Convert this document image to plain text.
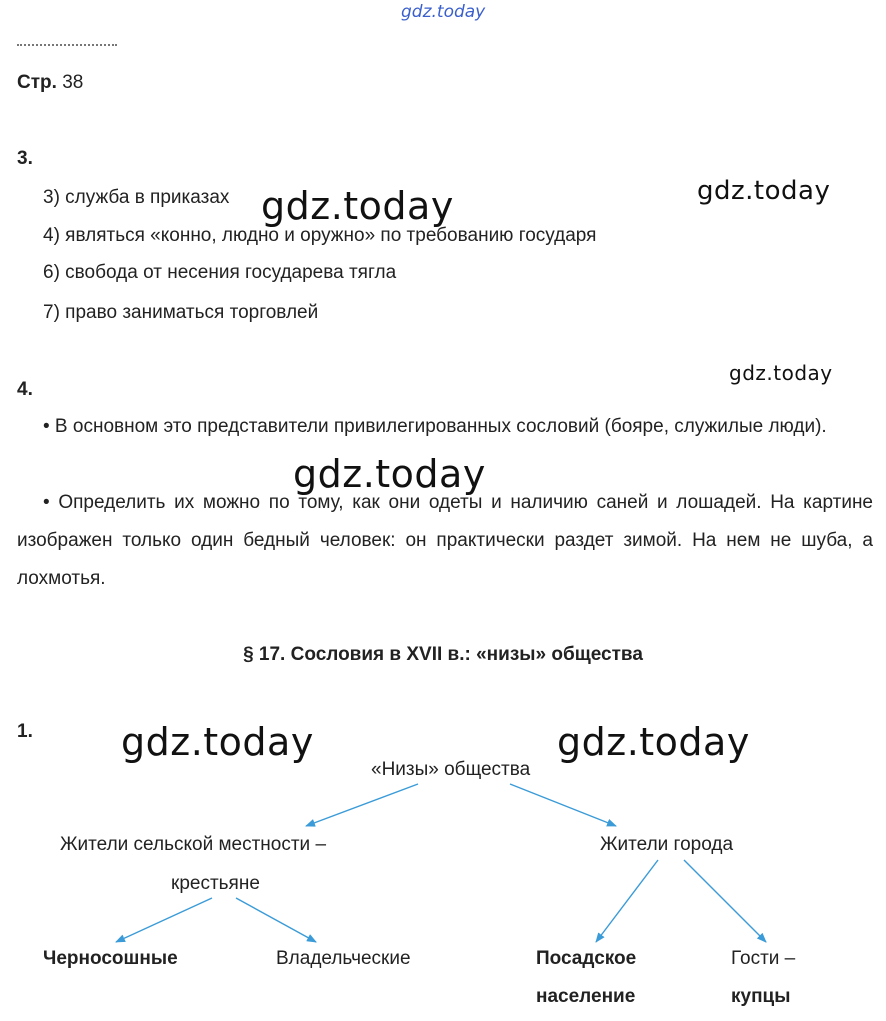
gdz.today
Стр. 38
3.
3) служба в приказах
4) являться «конно, людно и оружно» по требованию государя
6) свобода от несения государева тягла
7) право заниматься торговлей
4.
• В основном это представители привилегированных сословий (бояре, служилые люди).
• Определить их можно по тому, как они одеты и наличию саней и лошадей. На картине изображен только один бедный человек: он практически раздет зимой. На нем не шуба, а лохмотья.
§ 17. Сословия в XVII в.: «низы» общества
1.
«Низы» общества
Жители сельской местности –
крестьяне
Жители города
Черносошные	Владельческие	Посадское
население
Гости –
купцы
gdz.today	gdz.today
gdz.today
gdz.today
gdz.today	gdz.today
